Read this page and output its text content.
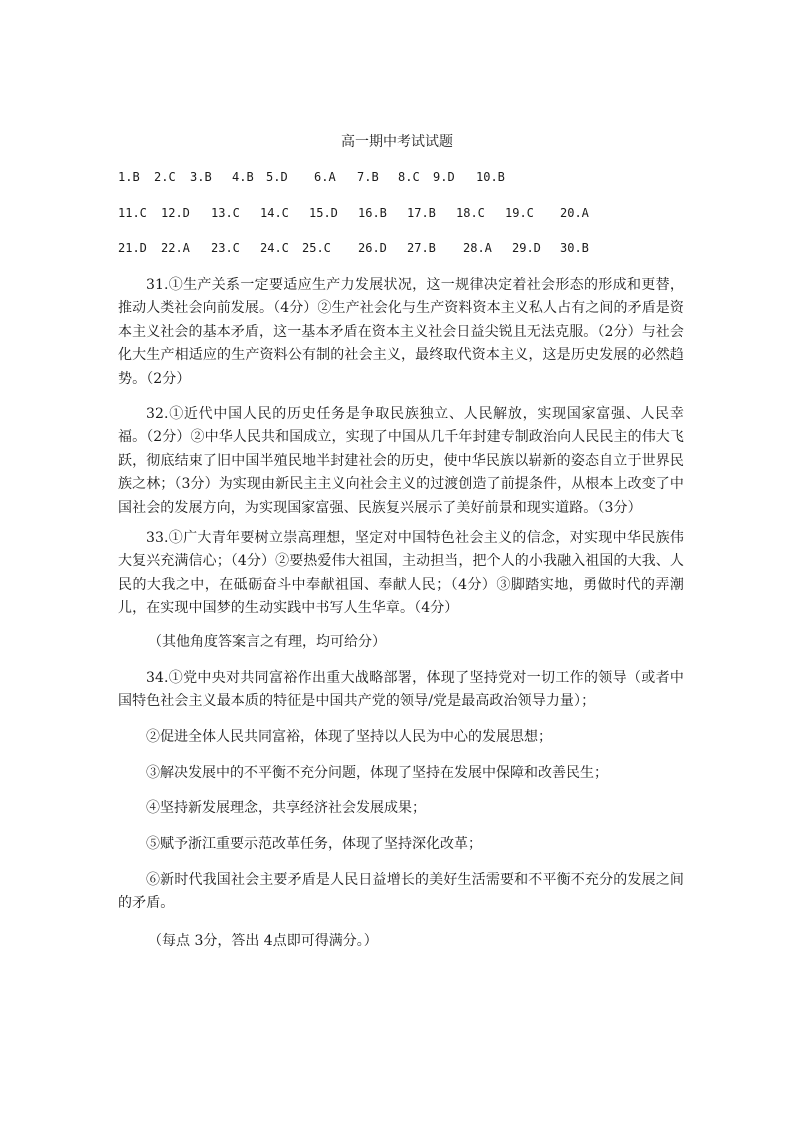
高一期中考试试题
1.B 2.C 3.B 4.B 5.D 6.A 7.B 8.C 9.D 10.B
11.C 12.D 13.C 14.C 15.D 16.B 17.B 18.C 19.C 20.A
21.D 22.A 23.C 24.C 25.C 26.D 27.B 28.A 29.D 30.B

31.①生产关系一定要适应生产力发展状况，这一规律决定着社会形态的形成和更替，推动人类社会向前发展。（4分）②生产社会化与生产资料资本主义私人占有之间的矛盾是资本主义社会的基本矛盾，这一基本矛盾在资本主义社会日益尖锐且无法克服。（2分）与社会化大生产相适应的生产资料公有制的社会主义，最终取代资本主义，这是历史发展的必然趋势。（2分）

32.①近代中国人民的历史任务是争取民族独立、人民解放，实现国家富强、人民幸福。（2分）②中华人民共和国成立，实现了中国从几千年封建专制政治向人民民主的伟大飞跃，彻底结束了旧中国半殖民地半封建社会的历史，使中华民族以崭新的姿态自立于世界民族之林；（3分）为实现由新民主主义向社会主义的过渡创造了前提条件，从根本上改变了中国社会的发展方向，为实现国家富强、民族复兴展示了美好前景和现实道路。（3分）

33.①广大青年要树立崇高理想，坚定对中国特色社会主义的信念，对实现中华民族伟大复兴充满信心；（4分）②要热爱伟大祖国，主动担当，把个人的小我融入祖国的大我、人民的大我之中，在砥砺奋斗中奉献祖国、奉献人民；（4分）③脚踏实地，勇做时代的弄潮儿，在实现中国梦的生动实践中书写人生华章。（4分）

（其他角度答案言之有理，均可给分）

34.①党中央对共同富裕作出重大战略部署，体现了坚持党对一切工作的领导（或者中国特色社会主义最本质的特征是中国共产党的领导/党是最高政治领导力量）；

②促进全体人民共同富裕，体现了坚持以人民为中心的发展思想；

③解决发展中的不平衡不充分问题，体现了坚持在发展中保障和改善民生；

④坚持新发展理念，共享经济社会发展成果；

⑤赋予浙江重要示范改革任务，体现了坚持深化改革；

⑥新时代我国社会主要矛盾是人民日益增长的美好生活需要和不平衡不充分的发展之间的矛盾。

（每点 3分，答出 4点即可得满分。）
